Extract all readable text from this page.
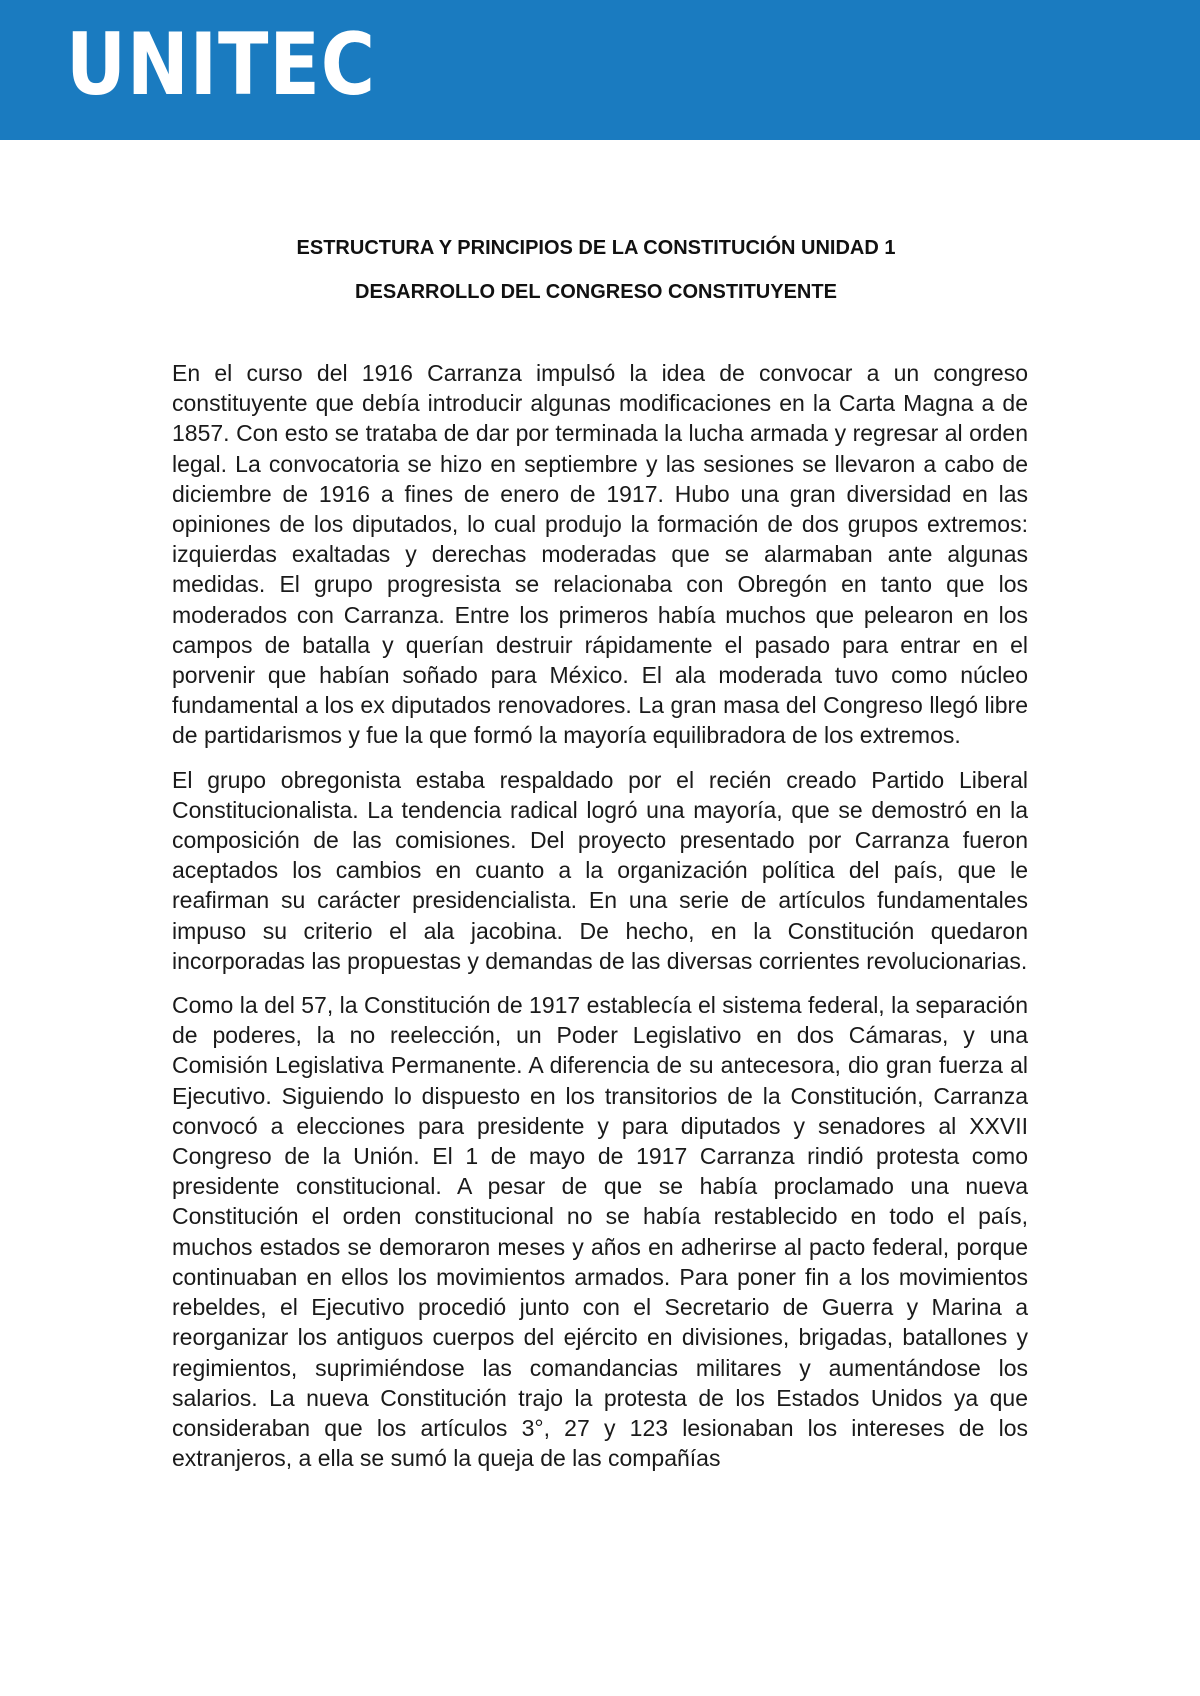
UNITEC
ESTRUCTURA Y PRINCIPIOS DE LA CONSTITUCIÓN UNIDAD 1
DESARROLLO DEL CONGRESO CONSTITUYENTE

En el curso del 1916 Carranza impulsó la idea de convocar a un congreso constituyente que debía introducir algunas modificaciones en la Carta Magna a de 1857. Con esto se trataba de dar por terminada la lucha armada y regresar al orden legal. La convocatoria se hizo en septiembre y las sesiones se llevaron a cabo de diciembre de 1916 a fines de enero de 1917. Hubo una gran diversidad en las opiniones de los diputados, lo cual produjo la formación de dos grupos extremos: izquierdas exaltadas y derechas moderadas que se alarmaban ante algunas medidas. El grupo progresista se relacionaba con Obregón en tanto que los moderados con Carranza. Entre los primeros había muchos que pelearon en los campos de batalla y querían destruir rápidamente el pasado para entrar en el porvenir que habían soñado para México. El ala moderada tuvo como núcleo fundamental a los ex diputados renovadores. La gran masa del Congreso llegó libre de partidarismos y fue la que formó la mayoría equilibradora de los extremos.

El grupo obregonista estaba respaldado por el recién creado Partido Liberal Constitucionalista. La tendencia radical logró una mayoría, que se demostró en la composición de las comisiones. Del proyecto presentado por Carranza fueron aceptados los cambios en cuanto a la organización política del país, que le reafirman su carácter presidencialista. En una serie de artículos fundamentales impuso su criterio el ala jacobina. De hecho, en la Constitución quedaron incorporadas las propuestas y demandas de las diversas corrientes revolucionarias.

Como la del 57, la Constitución de 1917 establecía el sistema federal, la separación de poderes, la no reelección, un Poder Legislativo en dos Cámaras, y una Comisión Legislativa Permanente. A diferencia de su antecesora, dio gran fuerza al Ejecutivo. Siguiendo lo dispuesto en los transitorios de la Constitución, Carranza convocó a elecciones para presidente y para diputados y senadores al XXVII Congreso de la Unión. El 1 de mayo de 1917 Carranza rindió protesta como presidente constitucional. A pesar de que se había proclamado una nueva Constitución el orden constitucional no se había restablecido en todo el país, muchos estados se demoraron meses y años en adherirse al pacto federal, porque continuaban en ellos los movimientos armados. Para poner fin a los movimientos rebeldes, el Ejecutivo procedió junto con el Secretario de Guerra y Marina a reorganizar los antiguos cuerpos del ejército en divisiones, brigadas, batallones y regimientos, suprimiéndose las comandancias militares y aumentándose los salarios. La nueva Constitución trajo la protesta de los Estados Unidos ya que consideraban que los artículos 3°, 27 y 123 lesionaban los intereses de los extranjeros, a ella se sumó la queja de las compañías
